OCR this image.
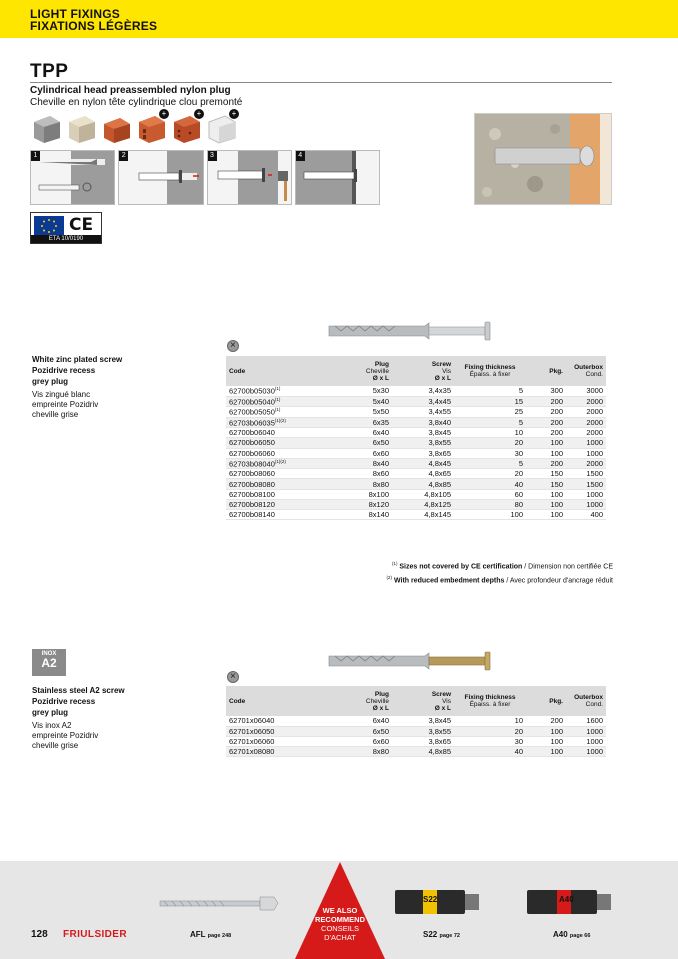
LIGHT FIXINGS
FIXATIONS LÉGÈRES
TPP
Cylindrical head preassembled nylon plug
Cheville en nylon tête cylindrique clou premonté
+	+	+
1	2	3	4
CE
ETA 10/0190
White zinc plated screw
Pozidrive recess
grey plug
Vis zingué blanc
empreinte Pozidriv
cheville grise
×
Code	Plug
Cheville
Ø x L	Screw
Vis
Ø x L	Fixing thickness
Épaiss. à fixer	Pkg.	Outerbox
Cond.

62700b05030$^{(1)}$	5x30	3,4x35	5	300	3000
62700b05040$^{(1)}$	5x40	3,4x45	15	200	2000
62700b05050$^{(1)}$	5x50	3,4x55	25	200	2000
$62703b06035^{(1)(2)}$	6x35	3,8x40	5	200	2000
62700b06040	6x40	3,8x45	10	200	2000
62700b06050	6x50	3,8x55	20	100	1000
62700b06060	6x60	3,8x65	30	100	1000
$62703b08040^{(1)(2)}$	8x40	4,8x45	5	200	2000
62700b08060	8x60	4,8x65	20	150	1500
62700b08080	8x80	4,8x85	40	150	1500
62700b08100	8x100	4,8x105	60	100	1000
62700b08120	8x120	4,8x125	80	100	1000
62700b08140	8x140	4,8x145	100	100	400
$^{(1)}$ Sizes not covered by CE certification / Dimension non certifiée CE
$^{(2)}$ With reduced embedment depths / Avec profondeur d'ancrage réduit
INOX
A2
Stainless steel A2 screw
Pozidrive recess
grey plug
Vis inox A2
empreinte Pozidriv
cheville grise
×
Code	Plug
Cheville
Ø x L	Screw
Vis
Ø x L	Fixing thickness
Épaiss. à fixer	Pkg.	Outerbox
Cond.

62701x06040	6x40	3,8x45	10	200	1600
62701x06050	6x50	3,8x55	20	100	1000
62701x06060	6x60	3,8x65	30	100	1000
62701x08080	8x80	4,8x85	40	100	1000
WE ALSO
RECOMMEND
CONSEILS
D'ACHAT
S22	A40
128 FRIULSIDER	AFL page 248	S22 page 72	A40 page 66
